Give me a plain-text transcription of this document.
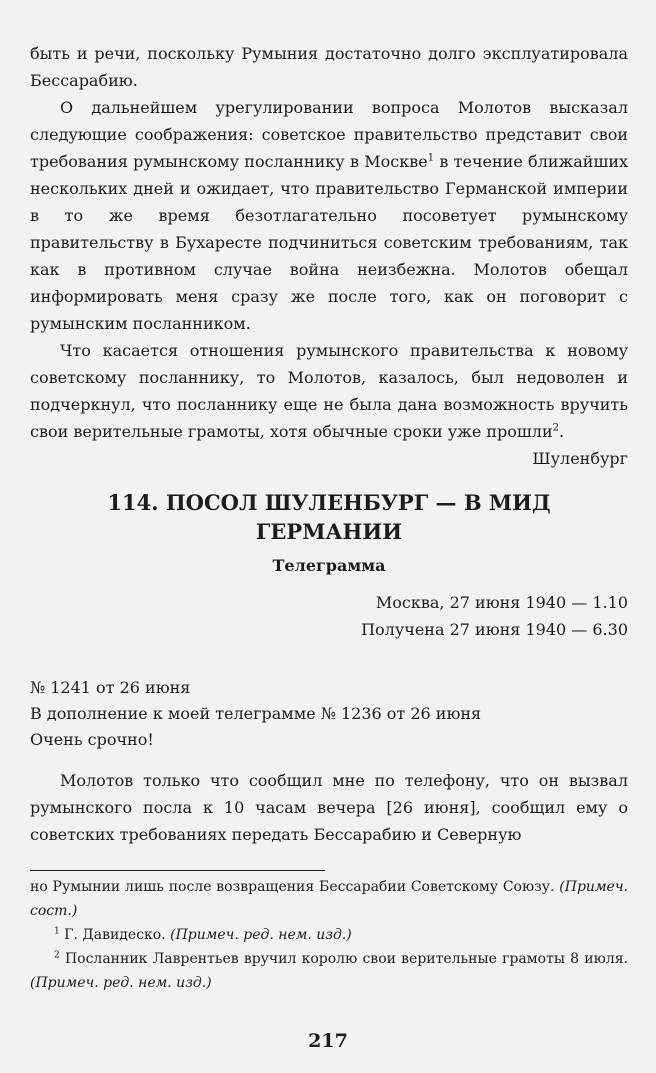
быть и речи, поскольку Румыния достаточно долго эксплуатировала Бессарабию.

О дальнейшем урегулировании вопроса Молотов высказал следующие соображения: советское правительство представит свои требования румынскому посланнику в Москве$^1$ в течение ближайших нескольких дней и ожидает, что правительство Германской империи в то же время безотлагательно посоветует румынскому правительству в Бухаресте подчиниться советским требованиям, так как в противном случае война неизбежна. Молотов обещал информировать меня сразу же после того, как он поговорит с румынским посланником.

Что касается отношения румынского правительства к новому советскому посланнику, то Молотов, казалось, был недоволен и подчеркнул, что посланнику еще не была дана возможность вручить свои верительные грамоты, хотя обычные сроки уже прошли$^2$.

Шуленбург
114. ПОСОЛ ШУЛЕНБУРГ — В МИД
ГЕРМАНИИ
Телеграмма
Москва, 27 июня 1940 — 1.10
Получена 27 июня 1940 — 6.30
№ 1241 от 26 июня
В дополнение к моей телеграмме № 1236 от 26 июня
Очень срочно!

Молотов только что сообщил мне по телефону, что он вызвал румынского посла к 10 часам вечера [26 июня], сообщил ему о советских требованиях передать Бессарабию и Северную

но Румынии лишь после возвращения Бессарабии Советскому Союзу. (Примеч. сост.)

$^1$ Г. Давидеско. (Примеч. ред. нем. изд.)

$^2$ Посланник Лаврентьев вручил королю свои верительные грамоты 8 июля. (Примеч. ред. нем. изд.)

217
